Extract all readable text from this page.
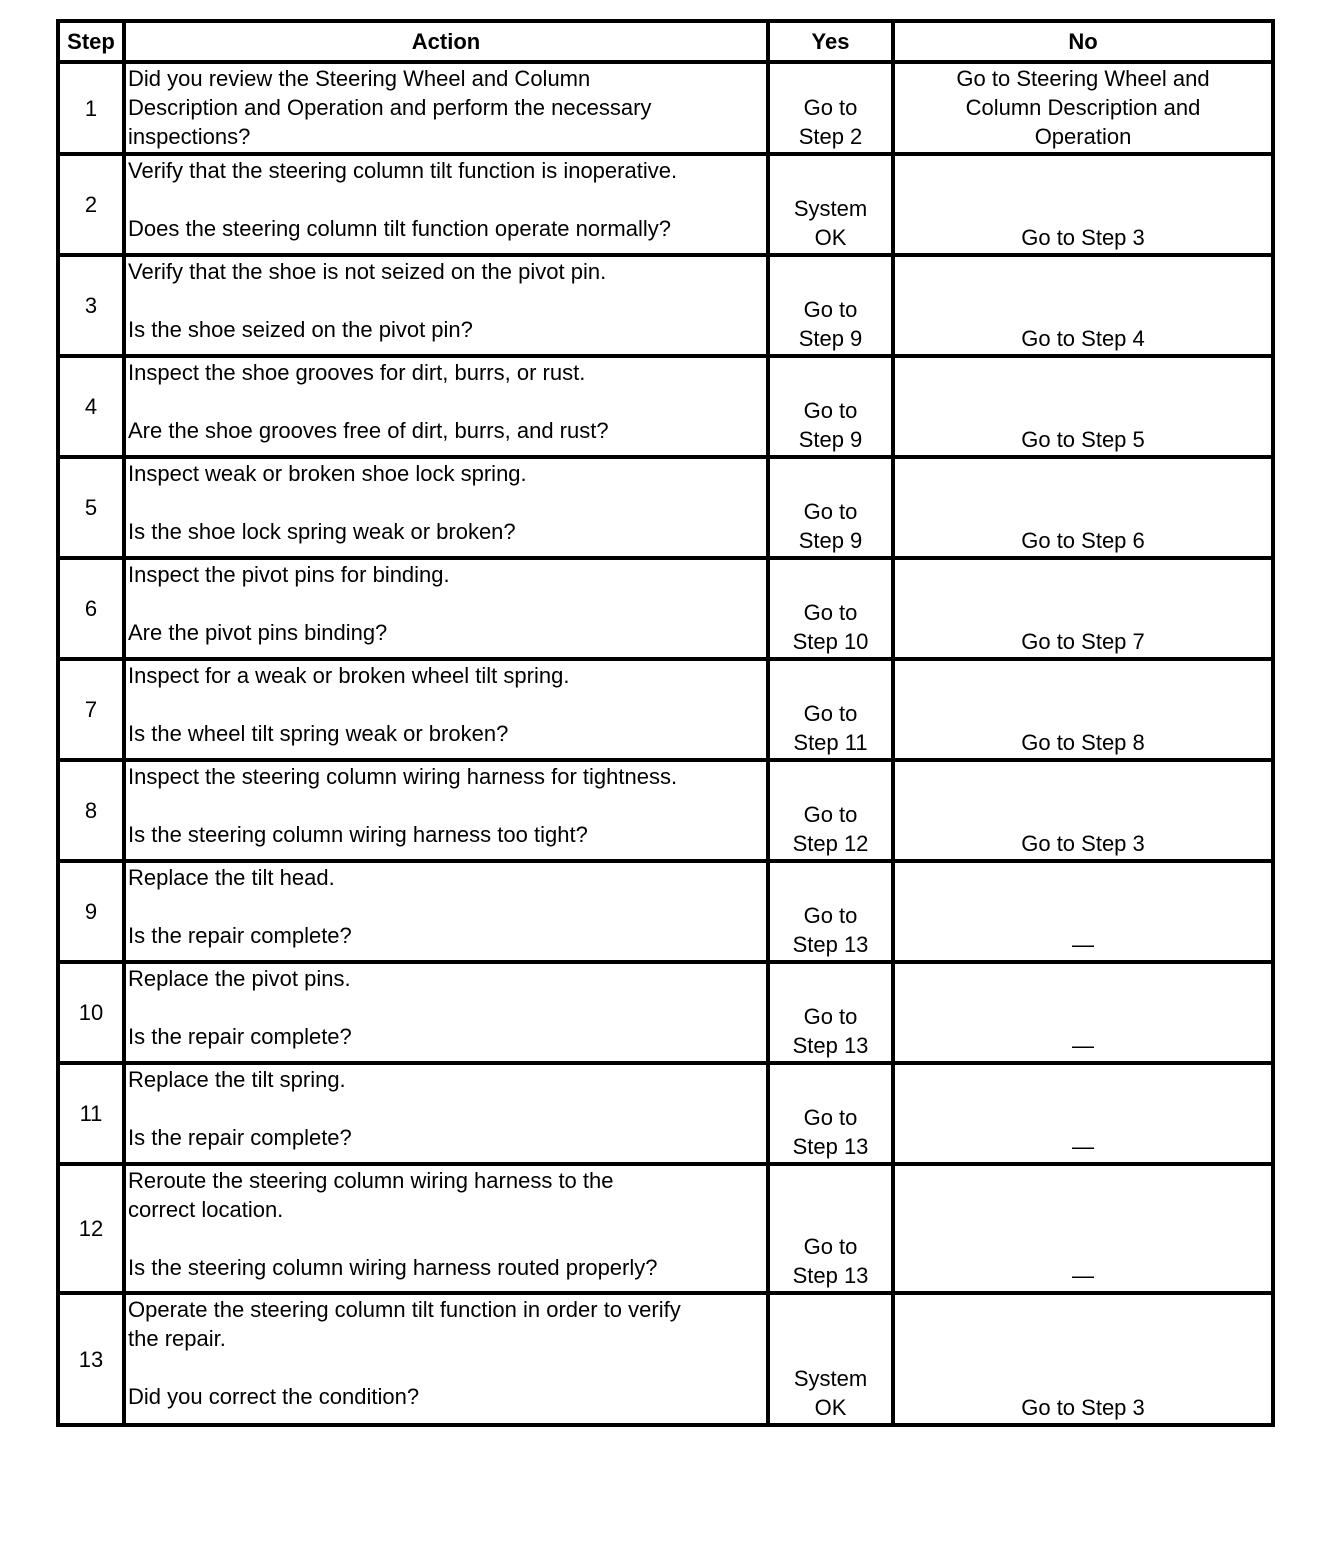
Step	Action	Yes	No
1	Did you review the Steering Wheel and Column
Description and Operation and perform the necessary
inspections?	Go to
Step 2	Go to Steering Wheel and
Column Description and
Operation
2	Verify that the steering column tilt function is inoperative.

Does the steering column tilt function operate normally?	System
OK	Go to Step 3
3	Verify that the shoe is not seized on the pivot pin.

Is the shoe seized on the pivot pin?	Go to
Step 9	Go to Step 4
4	Inspect the shoe grooves for dirt, burrs, or rust.

Are the shoe grooves free of dirt, burrs, and rust?	Go to
Step 9	Go to Step 5
5	Inspect weak or broken shoe lock spring.

Is the shoe lock spring weak or broken?	Go to
Step 9	Go to Step 6
6	Inspect the pivot pins for binding.

Are the pivot pins binding?	Go to
Step 10	Go to Step 7
7	Inspect for a weak or broken wheel tilt spring.

Is the wheel tilt spring weak or broken?	Go to
Step 11	Go to Step 8
8	Inspect the steering column wiring harness for tightness.

Is the steering column wiring harness too tight?	Go to
Step 12	Go to Step 3
9	Replace the tilt head.

Is the repair complete?	Go to
Step 13	—
10	Replace the pivot pins.

Is the repair complete?	Go to
Step 13	—
11	Replace the tilt spring.

Is the repair complete?	Go to
Step 13	—
12	Reroute the steering column wiring harness to the
correct location.

Is the steering column wiring harness routed properly?	Go to
Step 13	—
13	Operate the steering column tilt function in order to verify
the repair.

Did you correct the condition?	System
OK	Go to Step 3
